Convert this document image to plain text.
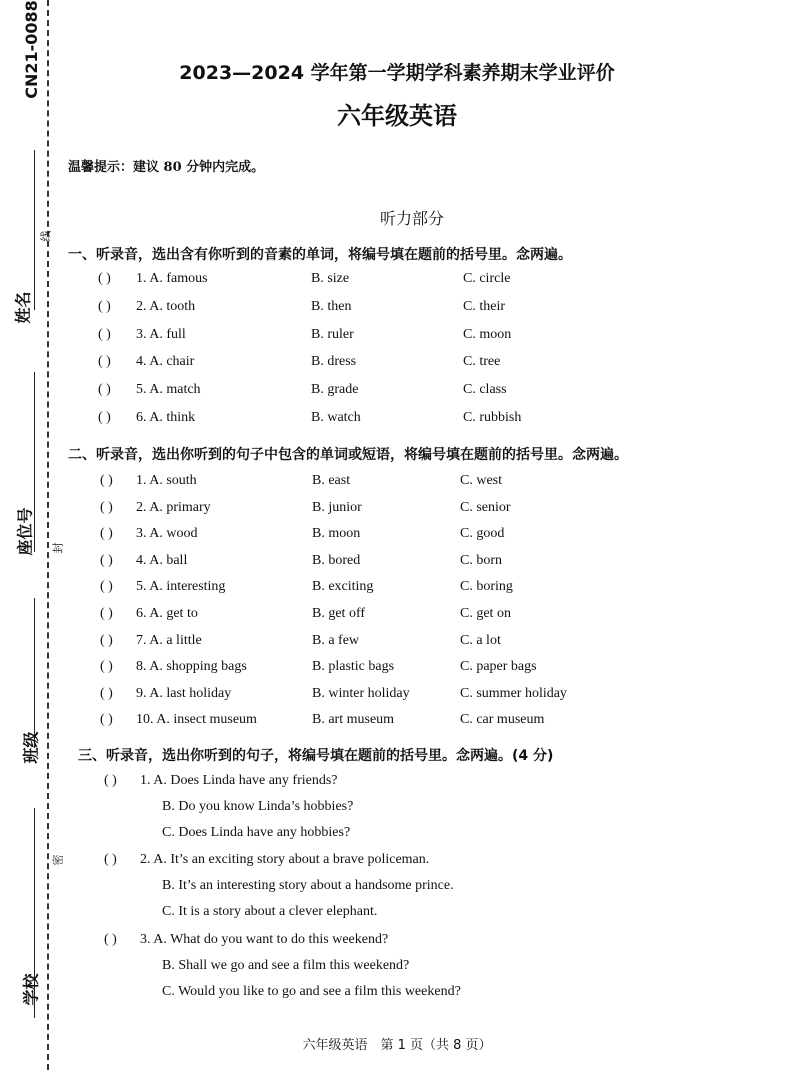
CN21-0088
姓名
线
座位号 封
班级
密
学校
2023—2024 学年第一学期学科素养期末学业评价
六年级英语
温馨提示：建议 80 分钟内完成。
听力部分
一、听录音，选出含有你听到的音素的单词，将编号填在题前的括号里。念两遍。
( ) 1. A. famous	B. size	C. circle
( ) 2. A. tooth	B. then	C. their
( ) 3. A. full	B. ruler	C. moon
( ) 4. A. chair	B. dress	C. tree
( ) 5. A. match	B. grade	C. class
( ) 6. A. think	B. watch	C. rubbish
二、听录音，选出你听到的句子中包含的单词或短语，将编号填在题前的括号里。念两遍。
( ) 1. A. south	B. east	C. west
( ) 2. A. primary	B. junior	C. senior
( ) 3. A. wood	B. moon	C. good
( ) 4. A. ball	B. bored	C. born
( ) 5. A. interesting	B. exciting	C. boring
( ) 6. A. get to	B. get off	C. get on
( ) 7. A. a little	B. a few	C. a lot
( ) 8. A. shopping bags	B. plastic bags	C. paper bags
( ) 9. A. last holiday	B. winter holiday	C. summer holiday
( ) 10. A. insect museum	B. art museum	C. car museum
三、听录音，选出你听到的句子，将编号填在题前的括号里。念两遍。(4 分)
( ) 1. A. Does Linda have any friends?
B. Do you know Linda’s hobbies?
C. Does Linda have any hobbies?
( ) 2. A. It’s an exciting story about a brave policeman.
B. It’s an interesting story about a handsome prince.
C. It is a story about a clever elephant.
( ) 3. A. What do you want to do this weekend?
B. Shall we go and see a film this weekend?
C. Would you like to go and see a film this weekend?
六年级英语　第 1 页（共 8 页）
